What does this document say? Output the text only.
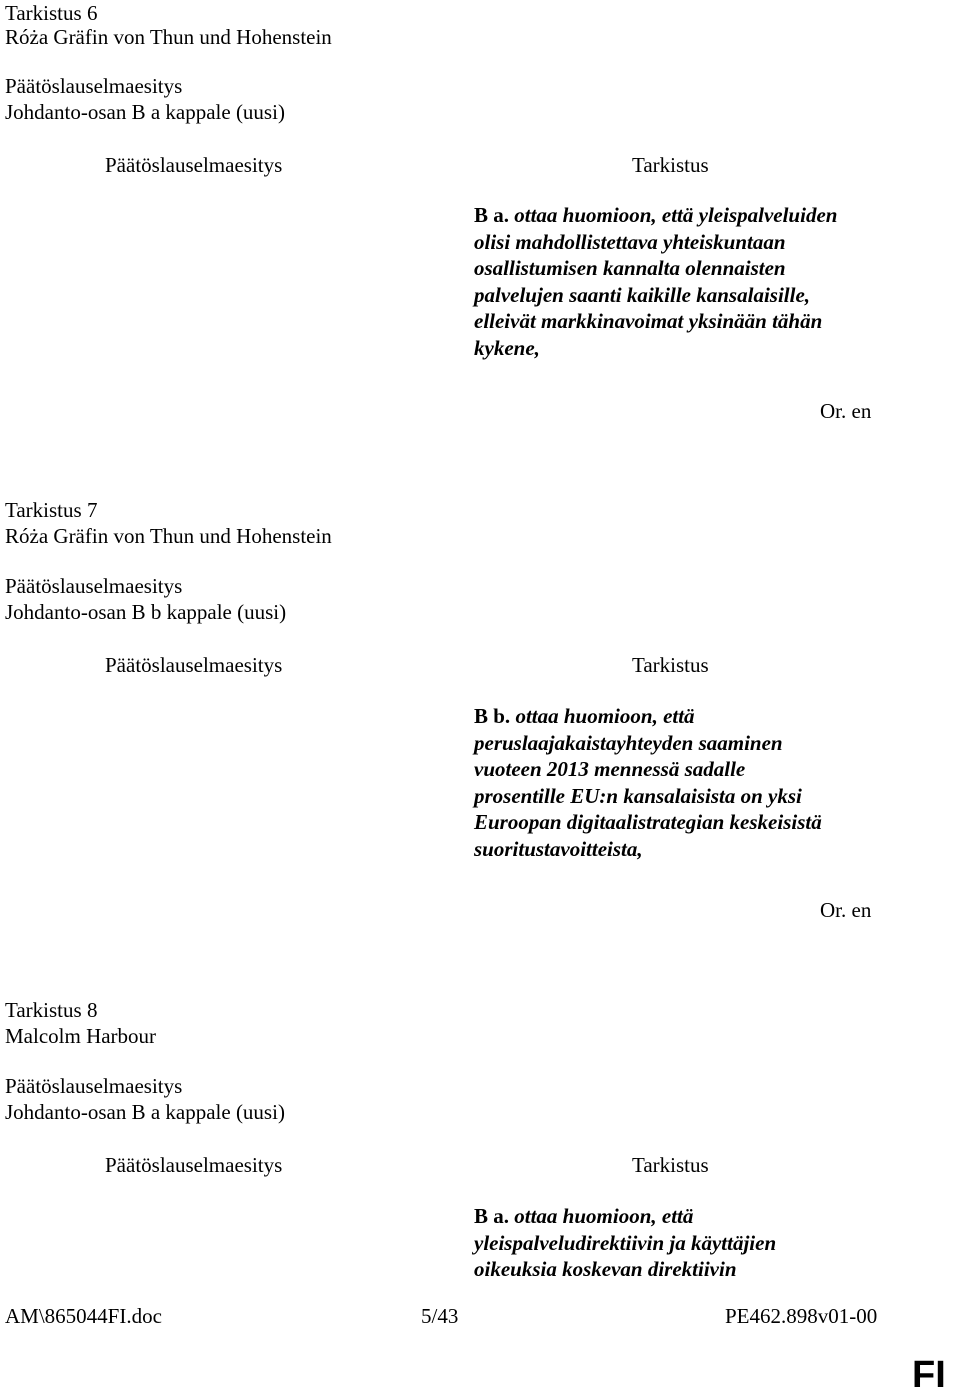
Tarkistus 6
Róża Gräfin von Thun und Hohenstein
Päätöslauselmaesitys
Johdanto-osan B a kappale (uusi)
Päätöslauselmaesitys	Tarkistus
B a. ottaa huomioon, että yleispalveluiden
olisi mahdollistettava yhteiskuntaan
osallistumisen kannalta olennaisten
palvelujen saanti kaikille kansalaisille,
elleivät markkinavoimat yksinään tähän
kykene,
Or. en
Tarkistus 7
Róża Gräfin von Thun und Hohenstein
Päätöslauselmaesitys
Johdanto-osan B b kappale (uusi)
Päätöslauselmaesitys	Tarkistus
B b. ottaa huomioon, että
peruslaajakaistayhteyden saaminen
vuoteen 2013 mennessä sadalle
prosentille EU:n kansalaisista on yksi
Euroopan digitaalistrategian keskeisistä
suoritustavoitteista,
Or. en
Tarkistus 8
Malcolm Harbour
Päätöslauselmaesitys
Johdanto-osan B a kappale (uusi)
Päätöslauselmaesitys	Tarkistus
B a. ottaa huomioon, että
yleispalveludirektiivin ja käyttäjien
oikeuksia koskevan direktiivin
AM\865044FI.doc	5/43	PE462.898v01-00
FI
